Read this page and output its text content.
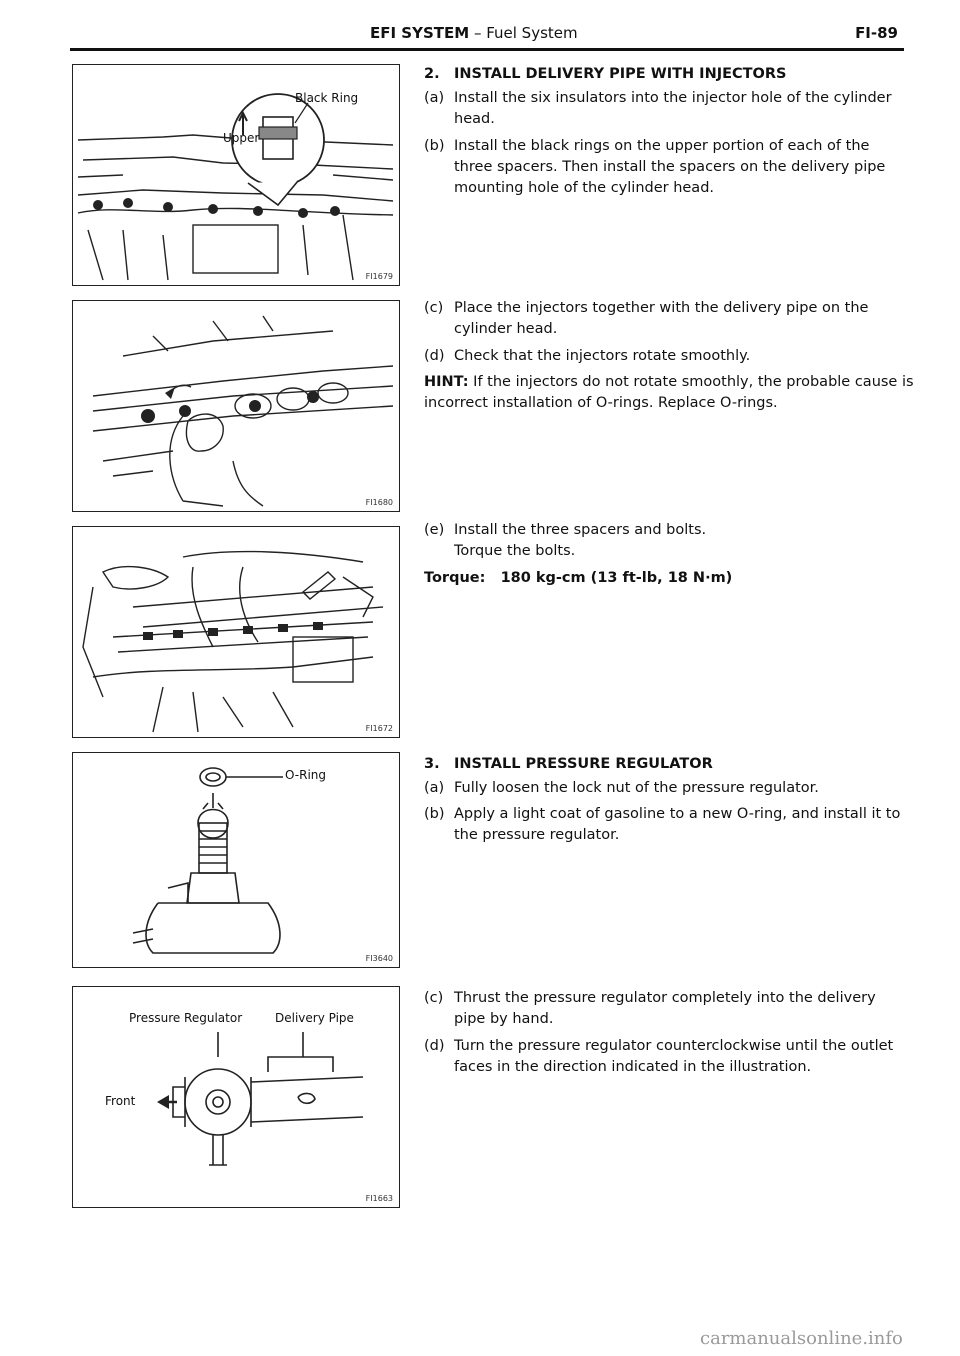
EFI SYSTEM – Fuel System	FI-89
Black Ring
Upper
FI1679
FI1680
FI1672
O-Ring
FI3640
Pressure Regulator	Delivery Pipe
Front
FI1663
2. INSTALL DELIVERY PIPE WITH INJECTORS
(a) Install the six insulators into the injector hole of the cylinder head.
(b) Install the black rings on the upper portion of each of the three spacers. Then install the spacers on the delivery pipe mounting hole of the cylinder head.
(c) Place the injectors together with the delivery pipe on the cylinder head.
(d) Check that the injectors rotate smoothly.
HINT: If the injectors do not rotate smoothly, the probable cause is incorrect installation of O-rings. Replace O-rings.
(e) Install the three spacers and bolts. Torque the bolts.
Torque: 180 kg-cm (13 ft-lb, 18 N·m)
3. INSTALL PRESSURE REGULATOR
(a) Fully loosen the lock nut of the pressure regulator.
(b) Apply a light coat of gasoline to a new O-ring, and install it to the pressure regulator.
(c) Thrust the pressure regulator completely into the delivery pipe by hand.
(d) Turn the pressure regulator counterclockwise until the outlet faces in the direction indicated in the illustration.
carmanualsonline.info
